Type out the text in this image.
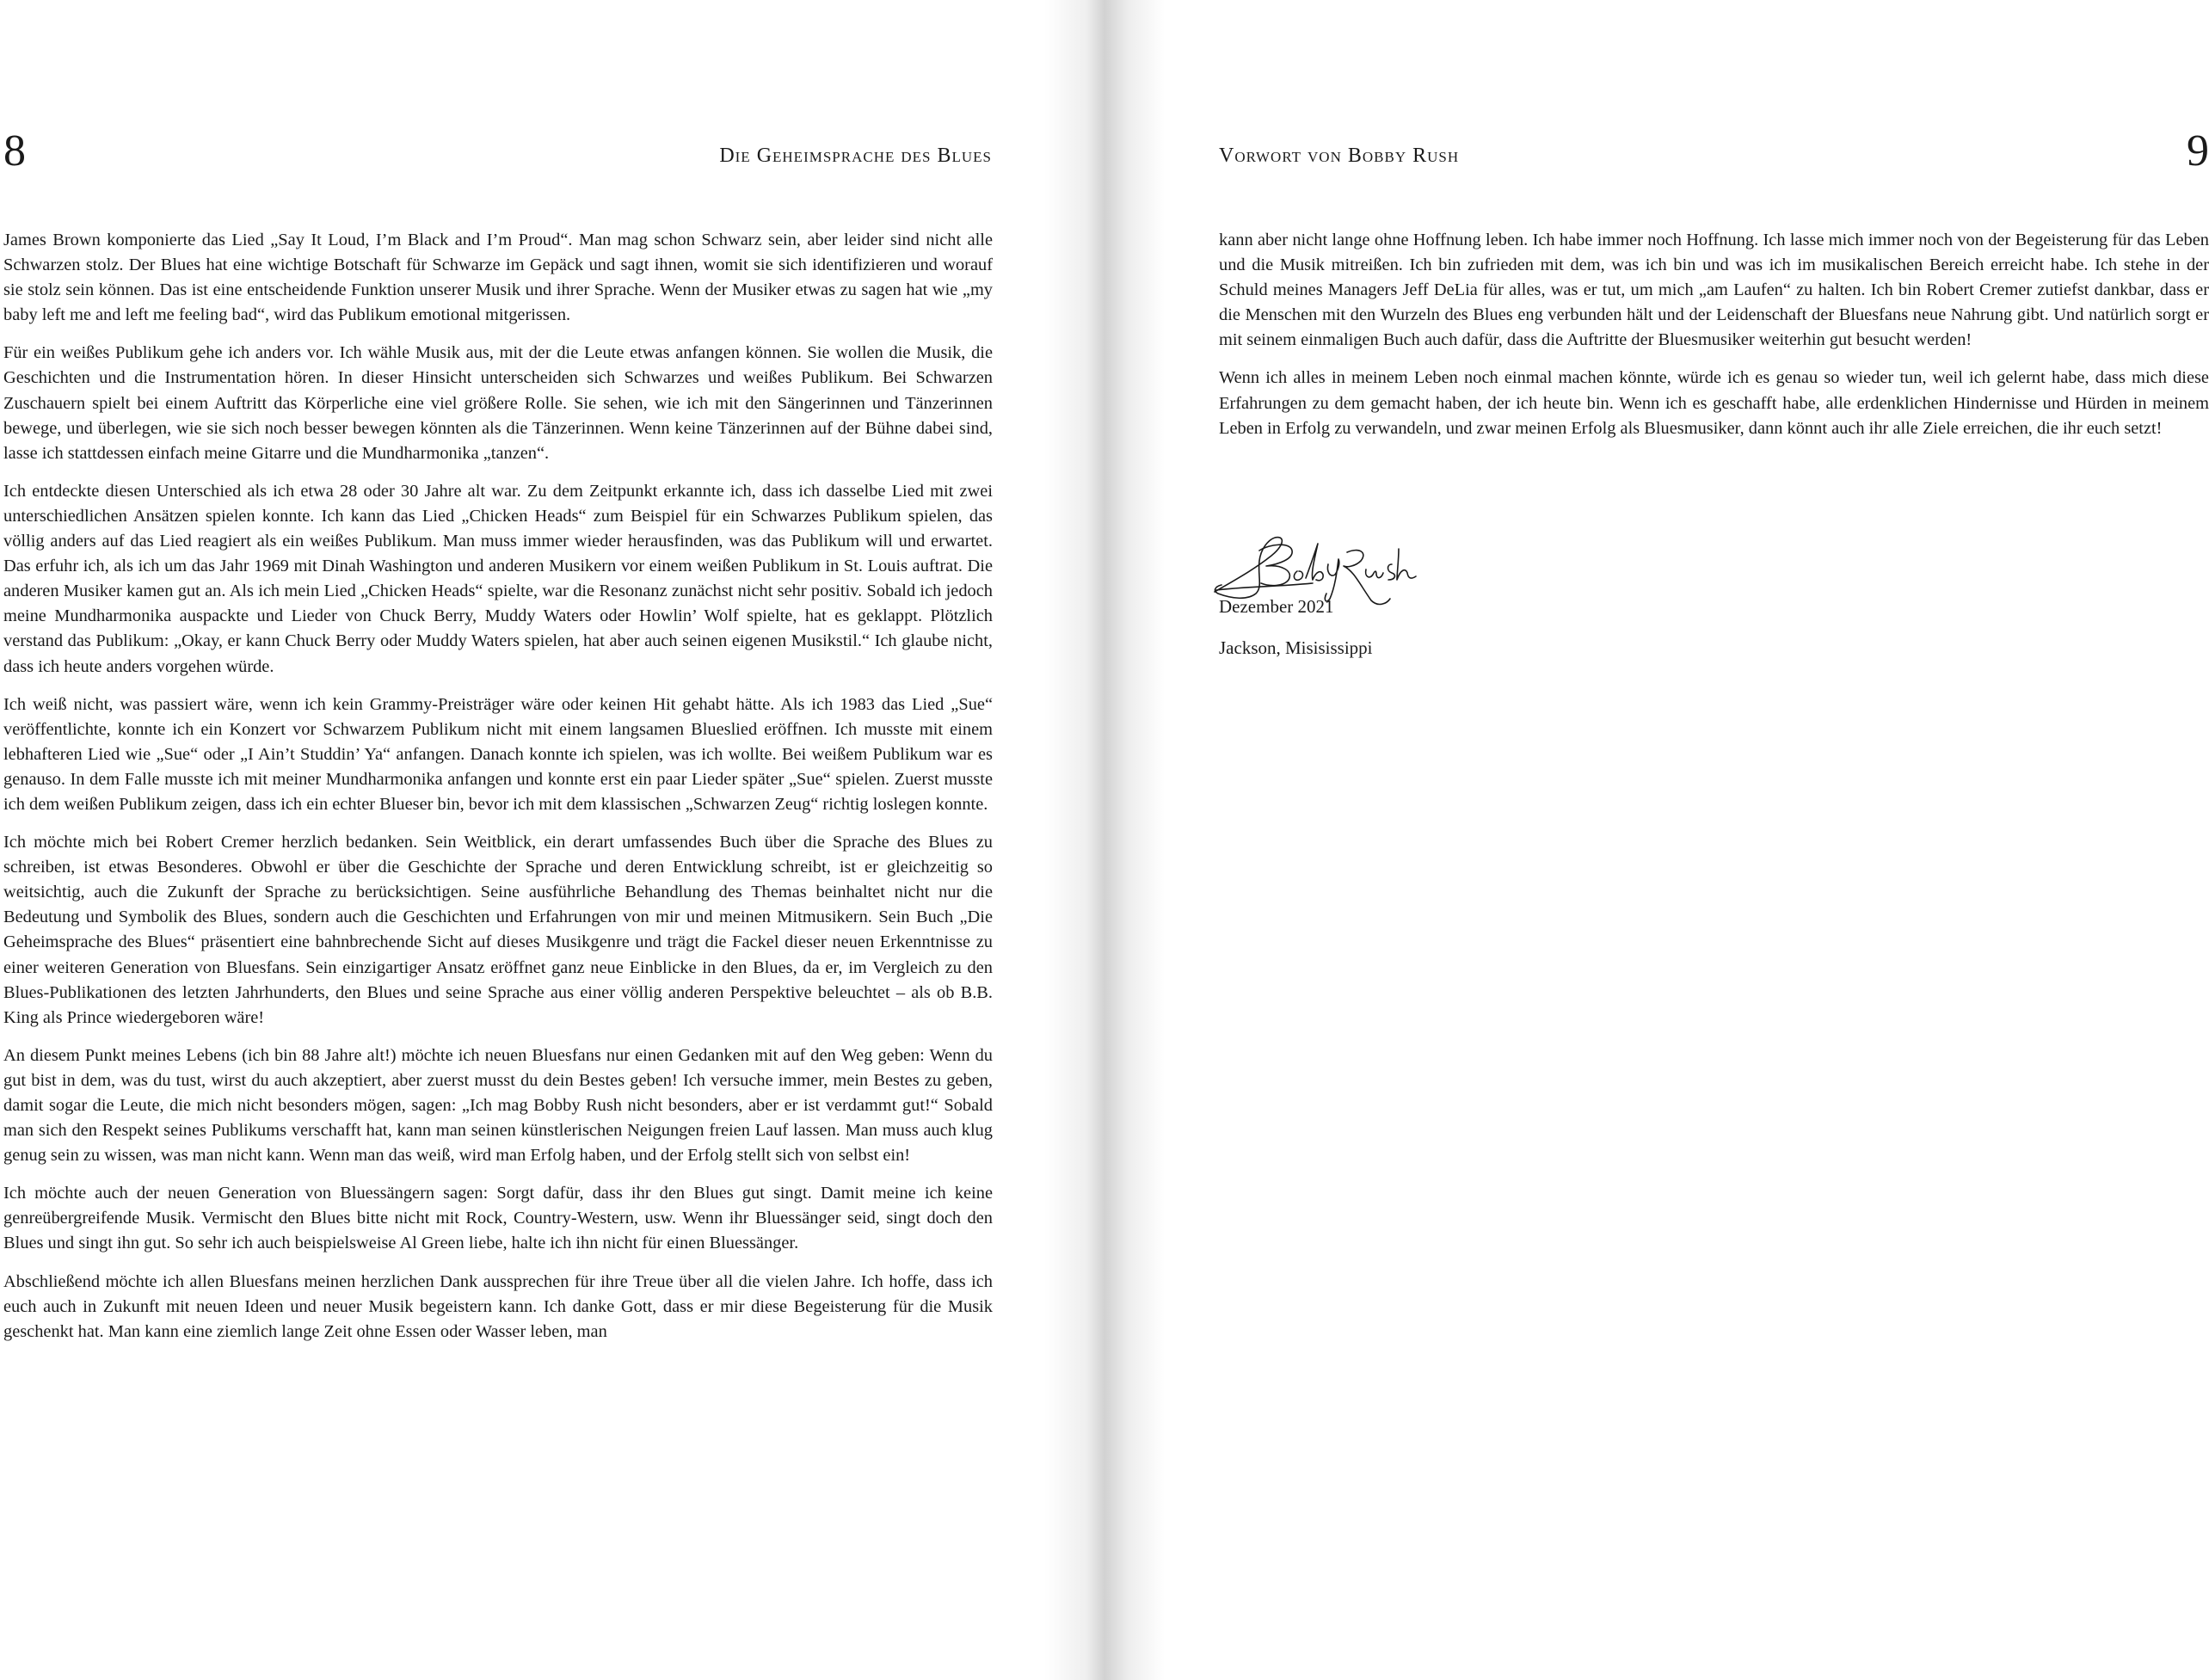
8	Die Geheimsprache des Blues

James Brown komponierte das Lied „Say It Loud, I’m Black and I’m Proud“. Man mag schon Schwarz sein, aber leider sind nicht alle Schwarzen stolz. Der Blues hat eine wichtige Botschaft für Schwarze im Gepäck und sagt ihnen, womit sie sich identifizieren und worauf sie stolz sein können. Das ist eine entscheidende Funktion unserer Musik und ihrer Sprache. Wenn der Musiker etwas zu sagen hat wie „my baby left me and left me feeling bad“, wird das Publikum emotional mitgerissen.

Für ein weißes Publikum gehe ich anders vor. Ich wähle Musik aus, mit der die Leute etwas anfangen können. Sie wollen die Musik, die Geschichten und die Instrumentation hören. In dieser Hinsicht unterscheiden sich Schwarzes und weißes Publikum. Bei Schwarzen Zuschauern spielt bei einem Auftritt das Körperliche eine viel größere Rolle. Sie sehen, wie ich mit den Sängerinnen und Tänzerinnen bewege, und überlegen, wie sie sich noch besser bewegen könnten als die Tänzerinnen. Wenn keine Tänzerinnen auf der Bühne dabei sind, lasse ich stattdessen einfach meine Gitarre und die Mundharmonika „tanzen“.

Ich entdeckte diesen Unterschied als ich etwa 28 oder 30 Jahre alt war. Zu dem Zeitpunkt erkannte ich, dass ich dasselbe Lied mit zwei unterschiedlichen Ansätzen spielen konnte. Ich kann das Lied „Chicken Heads“ zum Beispiel für ein Schwarzes Publikum spielen, das völlig anders auf das Lied reagiert als ein weißes Publikum. Man muss immer wieder herausfinden, was das Publikum will und erwartet. Das erfuhr ich, als ich um das Jahr 1969 mit Dinah Washington und anderen Musikern vor einem weißen Publikum in St. Louis auftrat. Die anderen Musiker kamen gut an. Als ich mein Lied „Chicken Heads“ spielte, war die Resonanz zunächst nicht sehr positiv. Sobald ich jedoch meine Mundharmonika auspackte und Lieder von Chuck Berry, Muddy Waters oder Howlin’ Wolf spielte, hat es geklappt. Plötzlich verstand das Publikum: „Okay, er kann Chuck Berry oder Muddy Waters spielen, hat aber auch seinen eigenen Musikstil.“ Ich glaube nicht, dass ich heute anders vorgehen würde.

Ich weiß nicht, was passiert wäre, wenn ich kein Grammy-Preisträger wäre oder keinen Hit gehabt hätte. Als ich 1983 das Lied „Sue“ veröffentlichte, konnte ich ein Konzert vor Schwarzem Publikum nicht mit einem langsamen Blueslied eröffnen. Ich musste mit einem lebhafteren Lied wie „Sue“ oder „I Ain’t Studdin’ Ya“ anfangen. Danach konnte ich spielen, was ich wollte. Bei weißem Publikum war es genauso. In dem Falle musste ich mit meiner Mundharmonika anfangen und konnte erst ein paar Lieder später „Sue“ spielen. Zuerst musste ich dem weißen Publikum zeigen, dass ich ein echter Blueser bin, bevor ich mit dem klassischen „Schwarzen Zeug“ richtig loslegen konnte.

Ich möchte mich bei Robert Cremer herzlich bedanken. Sein Weitblick, ein derart umfassendes Buch über die Sprache des Blues zu schreiben, ist etwas Besonderes. Obwohl er über die Geschichte der Sprache und deren Entwicklung schreibt, ist er gleichzeitig so weitsichtig, auch die Zukunft der Sprache zu berücksichtigen. Seine ausführliche Behandlung des Themas beinhaltet nicht nur die Bedeutung und Symbolik des Blues, sondern auch die Geschichten und Erfahrungen von mir und meinen Mitmusikern. Sein Buch „Die Geheimsprache des Blues“ präsentiert eine bahnbrechende Sicht auf dieses Musikgenre und trägt die Fackel dieser neuen Erkenntnisse zu einer weiteren Generation von Bluesfans. Sein einzigartiger Ansatz eröffnet ganz neue Einblicke in den Blues, da er, im Vergleich zu den Blues-Publikationen des letzten Jahrhunderts, den Blues und seine Sprache aus einer völlig anderen Perspektive beleuchtet – als ob B.B. King als Prince wiedergeboren wäre!

An diesem Punkt meines Lebens (ich bin 88 Jahre alt!) möchte ich neuen Bluesfans nur einen Gedanken mit auf den Weg geben: Wenn du gut bist in dem, was du tust, wirst du auch akzeptiert, aber zuerst musst du dein Bestes geben! Ich versuche immer, mein Bestes zu geben, damit sogar die Leute, die mich nicht besonders mögen, sagen: „Ich mag Bobby Rush nicht besonders, aber er ist verdammt gut!“ Sobald man sich den Respekt seines Publikums verschafft hat, kann man seinen künstlerischen Neigungen freien Lauf lassen. Man muss auch klug genug sein zu wissen, was man nicht kann. Wenn man das weiß, wird man Erfolg haben, und der Erfolg stellt sich von selbst ein!

Ich möchte auch der neuen Generation von Bluessängern sagen: Sorgt dafür, dass ihr den Blues gut singt. Damit meine ich keine genreübergreifende Musik. Vermischt den Blues bitte nicht mit Rock, Country-Western, usw. Wenn ihr Bluessänger seid, singt doch den Blues und singt ihn gut. So sehr ich auch beispielsweise Al Green liebe, halte ich ihn nicht für einen Bluessänger.

Abschließend möchte ich allen Bluesfans meinen herzlichen Dank aussprechen für ihre Treue über all die vielen Jahre. Ich hoffe, dass ich euch auch in Zukunft mit neuen Ideen und neuer Musik begeistern kann. Ich danke Gott, dass er mir diese Begeisterung für die Musik geschenkt hat. Man kann eine ziemlich lange Zeit ohne Essen oder Wasser leben, man

Vorwort von Bobby Rush	9

kann aber nicht lange ohne Hoffnung leben. Ich habe immer noch Hoffnung. Ich lasse mich immer noch von der Begeisterung für das Leben und die Musik mitreißen. Ich bin zufrieden mit dem, was ich bin und was ich im musikalischen Bereich erreicht habe. Ich stehe in der Schuld meines Managers Jeff DeLia für alles, was er tut, um mich „am Laufen“ zu halten. Ich bin Robert Cremer zutiefst dankbar, dass er die Menschen mit den Wurzeln des Blues eng verbunden hält und der Leidenschaft der Bluesfans neue Nahrung gibt. Und natürlich sorgt er mit seinem einmaligen Buch auch dafür, dass die Auftritte der Bluesmusiker weiterhin gut besucht werden!

Wenn ich alles in meinem Leben noch einmal machen könnte, würde ich es genau so wieder tun, weil ich gelernt habe, dass mich diese Erfahrungen zu dem gemacht haben, der ich heute bin. Wenn ich es geschafft habe, alle erdenklichen Hindernisse und Hürden in meinem Leben in Erfolg zu verwandeln, und zwar meinen Erfolg als Bluesmusiker, dann könnt auch ihr alle Ziele erreichen, die ihr euch setzt!

Dezember 2021
Jackson, Misisissippi
